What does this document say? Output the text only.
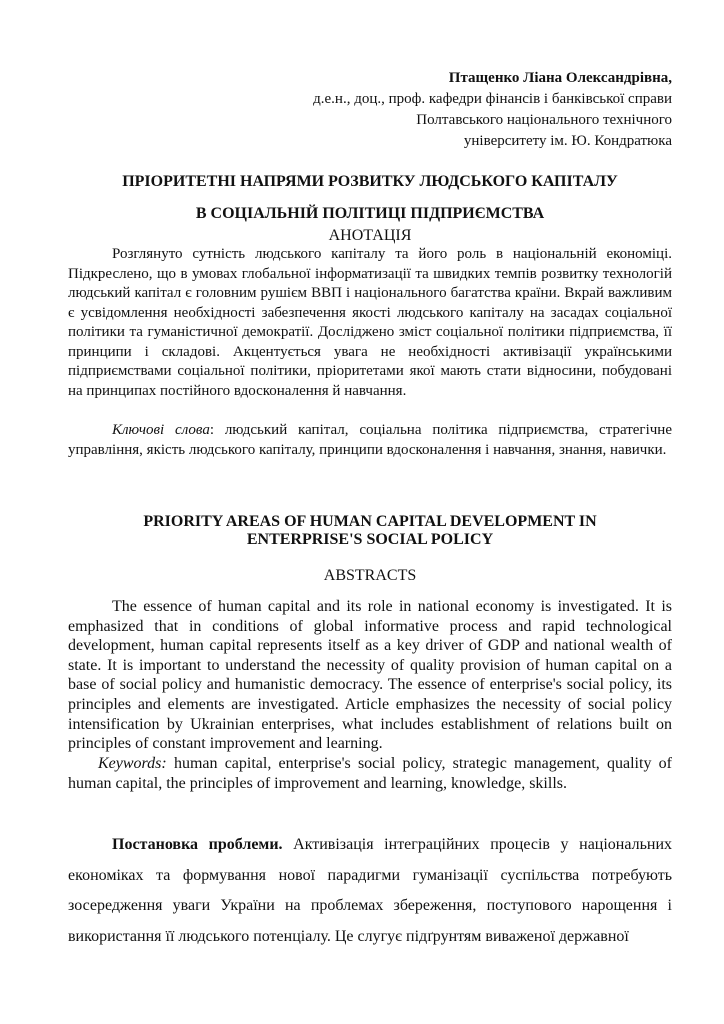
Птащенко Ліана Олександрівна,
д.е.н., доц., проф. кафедри фінансів і банківської справи
Полтавського національного технічного
університету ім. Ю. Кондратюка
ПРІОРИТЕТНІ НАПРЯМИ РОЗВИТКУ ЛЮДСЬКОГО КАПІТАЛУ
В СОЦІАЛЬНІЙ ПОЛІТИЦІ ПІДПРИЄМСТВА
АНОТАЦІЯ

Розглянуто сутність людського капіталу та його роль в національній економіці. Підкреслено, що в умовах глобальної інформатизації та швидких темпів розвитку технологій людський капітал є головним рушієм ВВП і національного багатства країни. Вкрай важливим є усвідомлення необхідності забезпечення якості людського капіталу на засадах соціальної політики та гуманістичної демократії. Досліджено зміст соціальної політики підприємства, її принципи і складові. Акцентується увага не необхідності активізації українськими підприємствами соціальної політики, пріоритетами якої мають стати відносини, побудовані на принципах постійного вдосконалення й навчання.

Ключові слова: людський капітал, соціальна політика підприємства, стратегічне управління, якість людського капіталу, принципи вдосконалення і навчання, знання, навички.

PRIORITY AREAS OF HUMAN CAPITAL DEVELOPMENT IN
ENTERPRISE'S SOCIAL POLICY
ABSTRACTS

The essence of human capital and its role in national economy is investigated. It is emphasized that in conditions of global informative process and rapid technological development, human capital represents itself as a key driver of GDP and national wealth of state. It is important to understand the necessity of quality provision of human capital on a base of social policy and humanistic democracy. The essence of enterprise's social policy, its principles and elements are investigated. Article emphasizes the necessity of social policy intensification by Ukrainian enterprises, what includes establishment of relations built on principles of constant improvement and learning.

Keywords: human capital, enterprise's social policy, strategic management, quality of human capital, the principles of improvement and learning, knowledge, skills.

Постановка проблеми. Активізація інтеграційних процесів у національних економіках та формування нової парадигми гуманізації суспільства потребують зосередження уваги України на проблемах збереження, поступового нарощення і використання її людського потенціалу. Це слугує підґрунтям виваженої державної
